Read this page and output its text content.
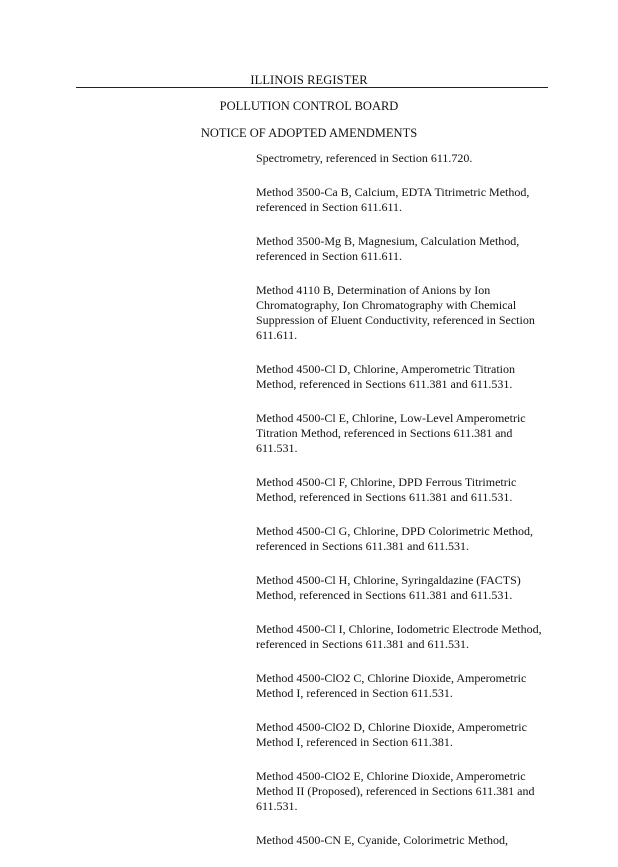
ILLINOIS REGISTER
POLLUTION CONTROL BOARD
NOTICE OF ADOPTED AMENDMENTS
Spectrometry, referenced in Section 611.720.
Method 3500-Ca B, Calcium, EDTA Titrimetric Method,
referenced in Section 611.611.
Method 3500-Mg B, Magnesium, Calculation Method,
referenced in Section 611.611.
Method 4110 B, Determination of Anions by Ion
Chromatography, Ion Chromatography with Chemical
Suppression of Eluent Conductivity, referenced in Section
611.611.
Method 4500-Cl D, Chlorine, Amperometric Titration
Method, referenced in Sections 611.381 and 611.531.
Method 4500-Cl E, Chlorine, Low-Level Amperometric
Titration Method, referenced in Sections 611.381 and
611.531.
Method 4500-Cl F, Chlorine, DPD Ferrous Titrimetric
Method, referenced in Sections 611.381 and 611.531.
Method 4500-Cl G, Chlorine, DPD Colorimetric Method,
referenced in Sections 611.381 and 611.531.
Method 4500-Cl H, Chlorine, Syringaldazine (FACTS)
Method, referenced in Sections 611.381 and 611.531.
Method 4500-Cl I, Chlorine, Iodometric Electrode Method,
referenced in Sections 611.381 and 611.531.
Method 4500-ClO2 C, Chlorine Dioxide, Amperometric
Method I, referenced in Section 611.531.
Method 4500-ClO2 D, Chlorine Dioxide, Amperometric
Method I, referenced in Section 611.381.
Method 4500-ClO2 E, Chlorine Dioxide, Amperometric
Method II (Proposed), referenced in Sections 611.381 and
611.531.
Method 4500-CN E, Cyanide, Colorimetric Method,
